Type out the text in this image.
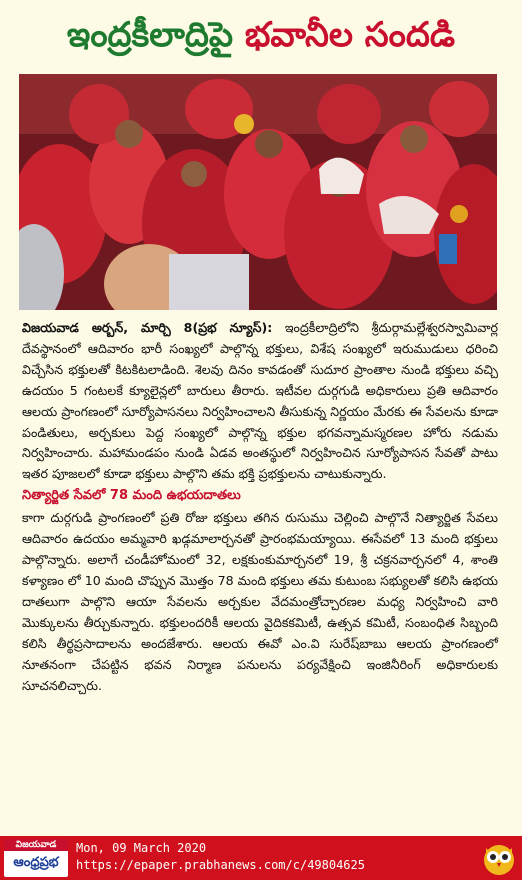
ఇంద్రకీలాద్రిపై భవానీల సందడి

విజయవాడ అర్బన్, మార్చి 8(ప్రభ న్యూస్): ఇంద్రకీలాద్రిలోని శ్రీదుర్గామల్లేశ్వరస్వామివార్ల దేవస్థానంలో ఆదివారం భారీ సంఖ్యలో పాల్గొన్న భక్తులు, విశేష సంఖ్యలో ఇరుముడులు ధరించి విచ్చేసిన భక్తులతో కిటకిటలాడింది. శెలవు దినం కావడంతో సుదూర ప్రాంతాల నుండి భక్తులు వచ్చి ఉదయం 5 గంటలకే క్యూలైన్లలో బారులు తీరారు. ఇటీవల దుర్గగుడి అధికారులు ప్రతి ఆదివారం ఆలయ ప్రాంగణంలో సూర్యోపాసనలు నిర్వహించాలని తీసుకున్న నిర్ణయం మేరకు ఈ సేవలను కూడా పండితులు, అర్చకులు పెద్ద సంఖ్యలో పాల్గొన్న భక్తుల భగవన్నామస్మరణల హోరు నడుమ నిర్వహించారు. మహామండపం నుండి ఏడవ అంతస్థులో నిర్వహించిన సూర్యోపాసన సేవతో పాటు ఇతర పూజలలో కూడా భక్తులు పాల్గొని తమ భక్తి ప్రభక్తులను చాటుకున్నారు.

నిత్యార్జిత సేవలో 78 మంది ఉభయదాతలు

కాగా దుర్గగుడి ప్రాంగణంలో ప్రతి రోజు భక్తులు తగిన రుసుము చెల్లించి పాల్గొనే నిత్యార్జిత సేవలు ఆదివారం ఉదయం అమ్మవారి ఖడ్గమాలార్చనతో ప్రారంభమయ్యాయి. ఈసేవలో 13 మంది భక్తులు పాల్గొన్నారు. అలాగే చండీహోమంలో 32, లక్షకుంకుమార్చనలో 19, శ్రీ చక్రనవార్చనలో 4, శాంతి కళ్యాణం లో 10 మంది చొప్పున మొత్తం 78 మంది భక్తులు తమ కుటుంబ సభ్యులతో కలిసి ఉభయ దాతలుగా పాల్గొని ఆయా సేవలను అర్చకుల వేదమంత్రోచ్చారణల మధ్య నిర్వహించి వారి మొక్కులను తీర్చుకున్నారు. భక్తులందరికీ ఆలయ వైదికకమిటీ, ఉత్సవ కమిటీ, సంబంధిత సిబ్బంది కలిసి తీర్థప్రసాదాలను అందజేశారు. ఆలయ ఈవో ఎం.వి సురేష్‌బాబు ఆలయ ప్రాంగణంలో నూతనంగా చేపట్టిన భవన నిర్మాణ పనులను పర్యవేక్షించి ఇంజినీరింగ్ అధికారులకు సూచనలిచ్చారు.

విజయవాడ
ఆంధ్రప్రభ
Mon, 09 March 2020
https://epaper.prabhanews.com/c/49804625
